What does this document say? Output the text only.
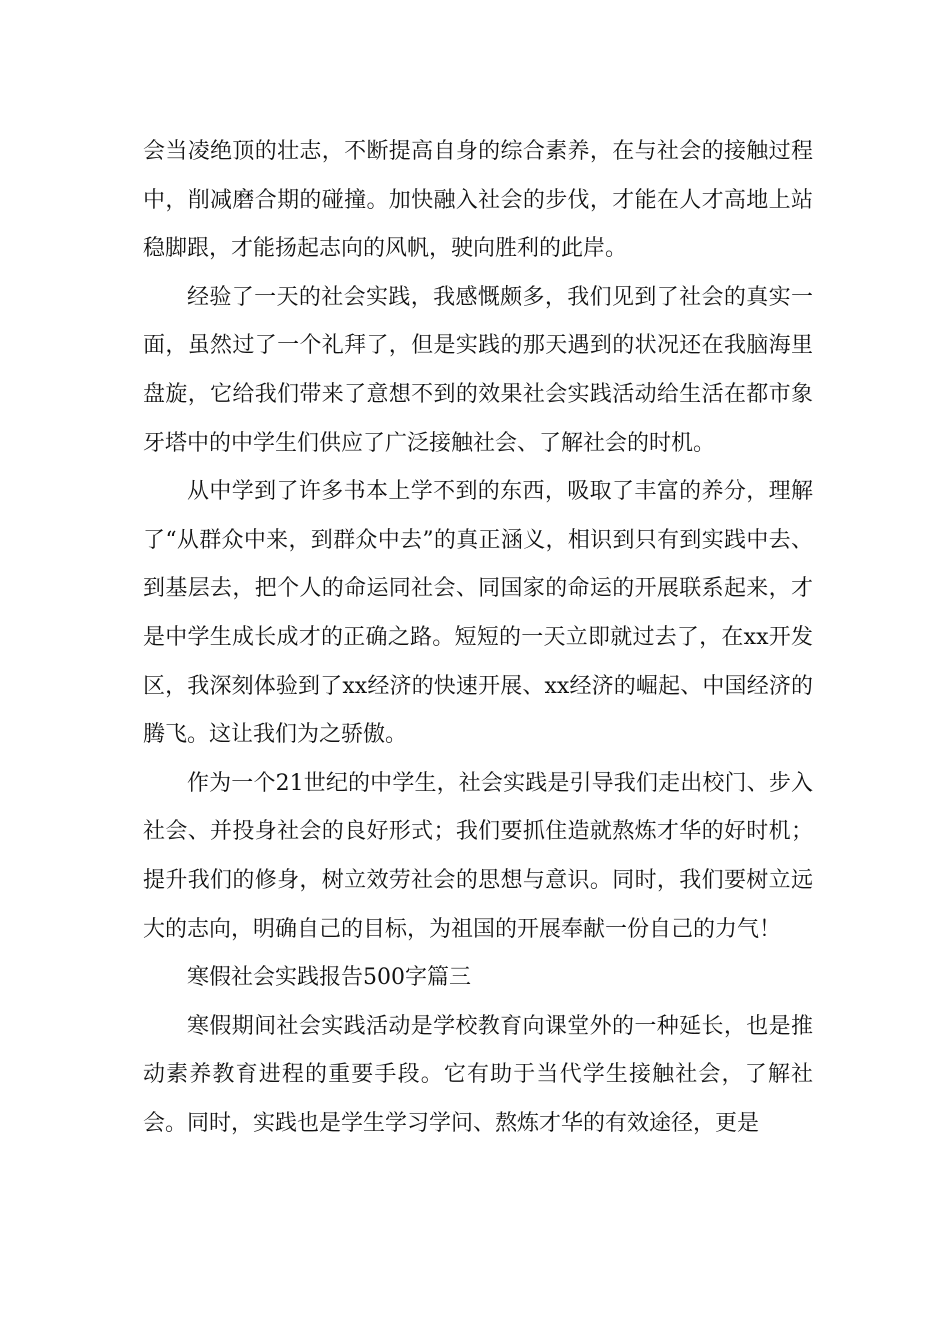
会当凌绝顶的壮志，不断提高自身的综合素养，在与社会的接触过程中，削减磨合期的碰撞。加快融入社会的步伐，才能在人才高地上站稳脚跟，才能扬起志向的风帆，驶向胜利的此岸。

经验了一天的社会实践，我感慨颇多，我们见到了社会的真实一面，虽然过了一个礼拜了，但是实践的那天遇到的状况还在我脑海里盘旋，它给我们带来了意想不到的效果社会实践活动给生活在都市象牙塔中的中学生们供应了广泛接触社会、了解社会的时机。

从中学到了许多书本上学不到的东西，吸取了丰富的养分，理解了“从群众中来，到群众中去”的真正涵义，相识到只有到实践中去、到基层去，把个人的命运同社会、同国家的命运的开展联系起来，才是中学生成长成才的正确之路。短短的一天立即就过去了，在xx开发区，我深刻体验到了xx经济的快速开展、xx经济的崛起、中国经济的腾飞。这让我们为之骄傲。

作为一个21世纪的中学生，社会实践是引导我们走出校门、步入社会、并投身社会的良好形式；我们要抓住造就熬炼才华的好时机；提升我们的修身，树立效劳社会的思想与意识。同时，我们要树立远大的志向，明确自己的目标，为祖国的开展奉献一份自己的力气！

寒假社会实践报告500字篇三

寒假期间社会实践活动是学校教育向课堂外的一种延长，也是推动素养教育进程的重要手段。它有助于当代学生接触社会，了解社会。同时，实践也是学生学习学问、熬炼才华的有效途径，更是
